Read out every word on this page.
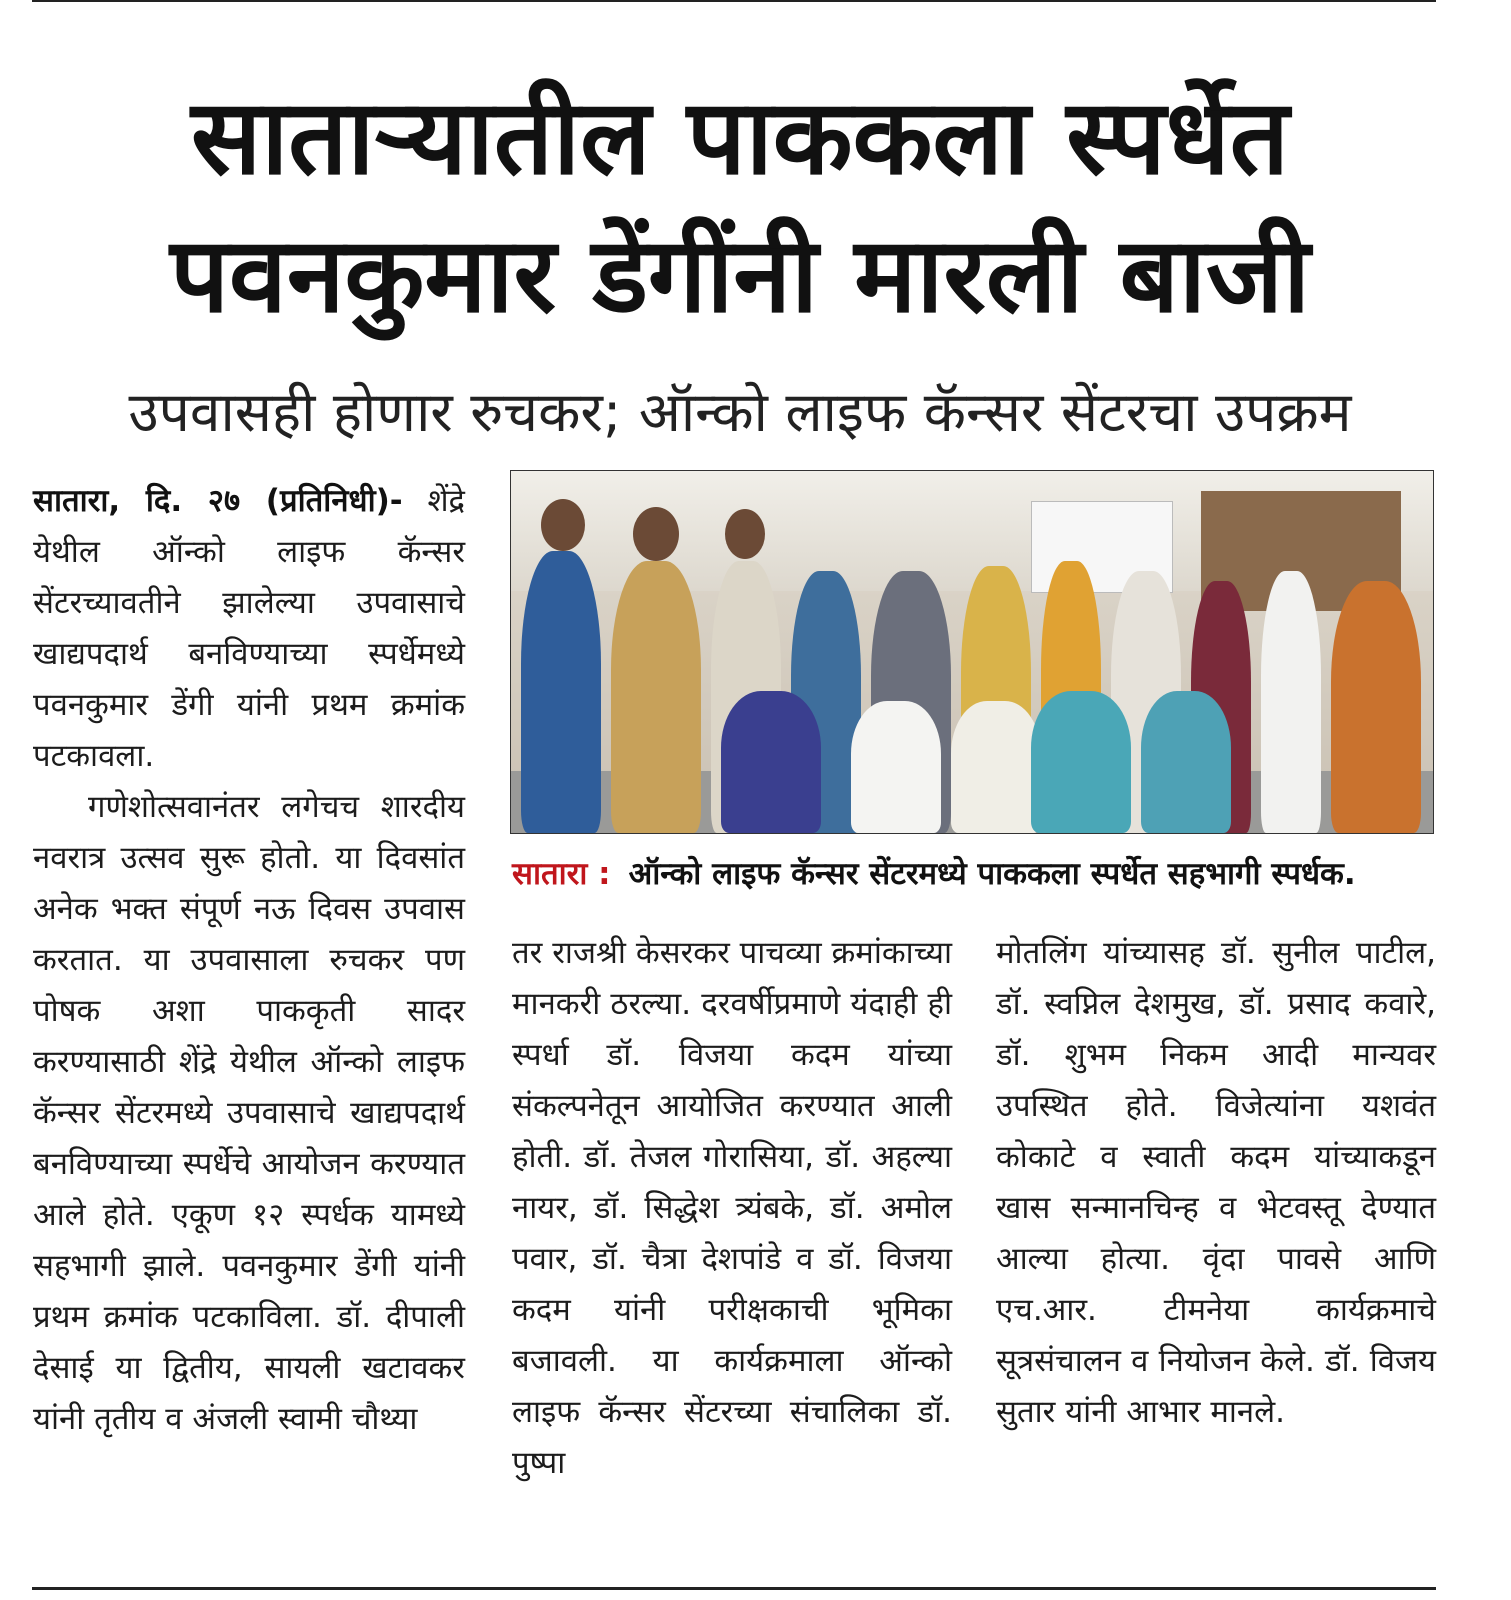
साताऱ्यातील पाककला स्पर्धेत
पवनकुमार डेंगींनी मारली बाजी
उपवासही होणार रुचकर; ऑन्को लाइफ कॅन्सर सेंटरचा उपक्रम

सातारा, दि. २७ (प्रतिनिधी)- शेंद्रे येथील ऑन्को लाइफ कॅन्सर सेंटरच्यावतीने झालेल्या उपवासाचे खाद्यपदार्थ बनविण्याच्या स्पर्धेमध्ये पवनकुमार डेंगी यांनी प्रथम क्रमांक पटकावला.

गणेशोत्सवानंतर लगेचच शारदीय नवरात्र उत्सव सुरू होतो. या दिवसांत अनेक भक्त संपूर्ण नऊ दिवस उपवास करतात. या उपवासाला रुचकर पण पोषक अशा पाककृती सादर करण्यासाठी शेंद्रे येथील ऑन्को लाइफ कॅन्सर सेंटरमध्ये उपवासाचे खाद्यपदार्थ बनविण्याच्या स्पर्धेचे आयोजन करण्यात आले होते. एकूण १२ स्पर्धक यामध्ये सहभागी झाले. पवनकुमार डेंगी यांनी प्रथम क्रमांक पटकाविला. डॉ. दीपाली देसाई या द्वितीय, सायली खटावकर यांनी तृतीय व अंजली स्वामी चौथ्या

सातारा : ऑन्को लाइफ कॅन्सर सेंटरमध्ये पाककला स्पर्धेत सहभागी स्पर्धक.

तर राजश्री केसरकर पाचव्या क्रमांकाच्या मानकरी ठरल्या. दरवर्षीप्रमाणे यंदाही ही स्पर्धा डॉ. विजया कदम यांच्या संकल्पनेतून आयोजित करण्यात आली होती. डॉ. तेजल गोरासिया, डॉ. अहल्या नायर, डॉ. सिद्धेश त्र्यंबके, डॉ. अमोल पवार, डॉ. चैत्रा देशपांडे व डॉ. विजया कदम यांनी परीक्षकाची भूमिका बजावली. या कार्यक्रमाला ऑन्को लाइफ कॅन्सर सेंटरच्या संचालिका डॉ. पुष्पा

मोतलिंग यांच्यासह डॉ. सुनील पाटील, डॉ. स्वप्निल देशमुख, डॉ. प्रसाद कवारे, डॉ. शुभम निकम आदी मान्यवर उपस्थित होते. विजेत्यांना यशवंत कोकाटे व स्वाती कदम यांच्याकडून खास सन्मानचिन्ह व भेटवस्तू देण्यात आल्या होत्या. वृंदा पावसे आणि एच.आर. टीमनेया कार्यक्रमाचे सूत्रसंचालन व नियोजन केले. डॉ. विजय सुतार यांनी आभार मानले.
